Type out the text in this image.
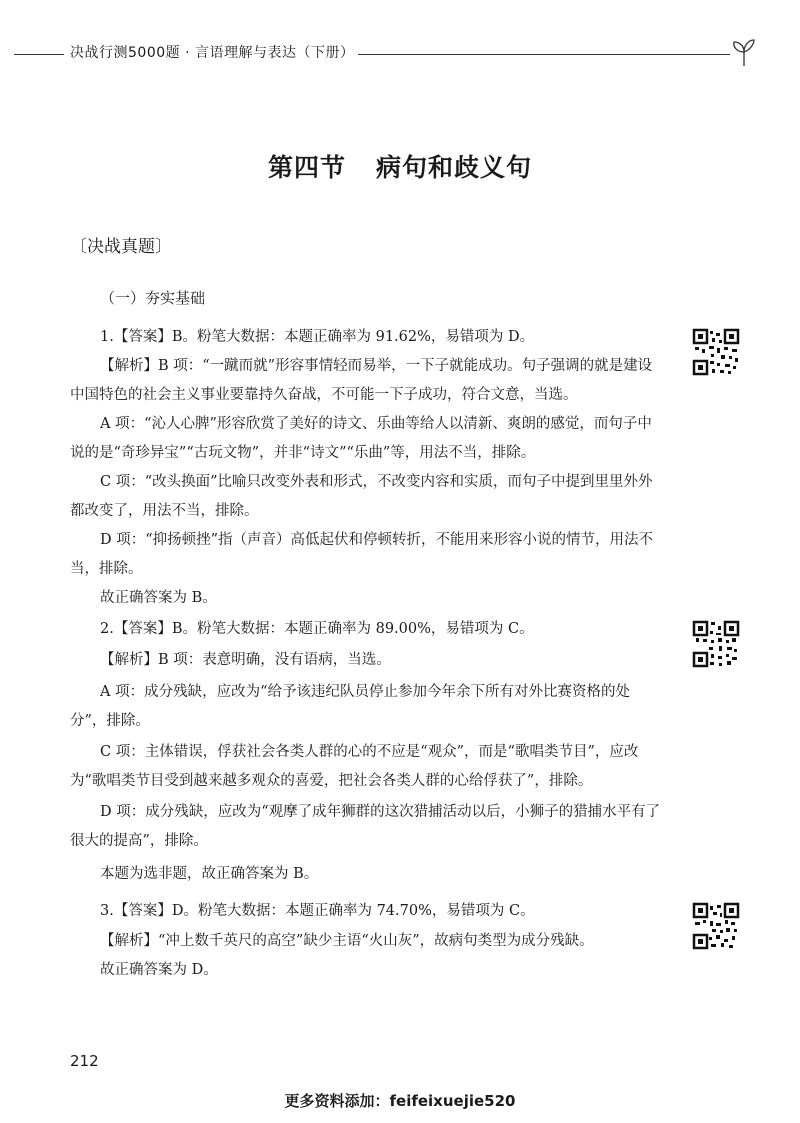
决战行测5000题 · 言语理解与表达（下册）
第四节 病句和歧义句
〔决战真题〕
（一）夯实基础

1.【答案】B。粉笔大数据：本题正确率为 91.62%，易错项为 D。

【解析】B 项：“一蹴而就”形容事情轻而易举，一下子就能成功。句子强调的就是建设中国特色的社会主义事业要靠持久奋战，不可能一下子成功，符合文意，当选。

A 项：“沁人心脾”形容欣赏了美好的诗文、乐曲等给人以清新、爽朗的感觉，而句子中说的是“奇珍异宝”“古玩文物”，并非“诗文”“乐曲”等，用法不当，排除。

C 项：“改头换面”比喻只改变外表和形式，不改变内容和实质，而句子中提到里里外外都改变了，用法不当，排除。

D 项：“抑扬顿挫”指（声音）高低起伏和停顿转折，不能用来形容小说的情节，用法不当，排除。

故正确答案为 B。

2.【答案】B。粉笔大数据：本题正确率为 89.00%，易错项为 C。

【解析】B 项：表意明确，没有语病，当选。

A 项：成分残缺，应改为“给予该违纪队员停止参加今年余下所有对外比赛资格的处分”，排除。

C 项：主体错误，俘获社会各类人群的心的不应是“观众”，而是“歌唱类节目”，应改为“歌唱类节目受到越来越多观众的喜爱，把社会各类人群的心给俘获了”，排除。

D 项：成分残缺，应改为“观摩了成年狮群的这次猎捕活动以后，小狮子的猎捕水平有了很大的提高”，排除。

本题为选非题，故正确答案为 B。

3.【答案】D。粉笔大数据：本题正确率为 74.70%，易错项为 C。

【解析】“冲上数千英尺的高空”缺少主语“火山灰”，故病句类型为成分残缺。

故正确答案为 D。

212
更多资料添加：feifeixuejie520
